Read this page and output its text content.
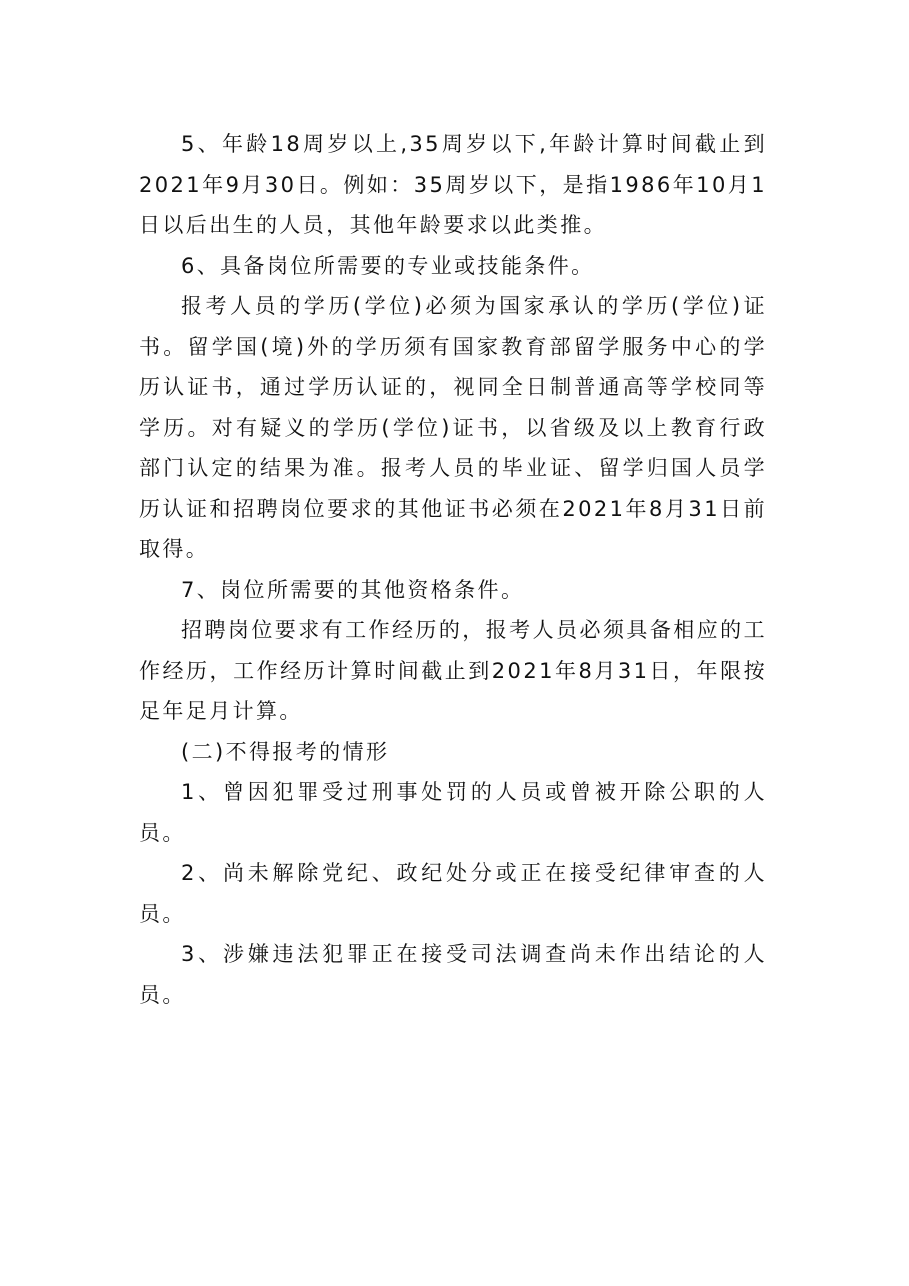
5、年龄18周岁以上,35周岁以下,年龄计算时间截止到2021年9月30日。例如：35周岁以下，是指1986年10月1日以后出生的人员，其他年龄要求以此类推。

6、具备岗位所需要的专业或技能条件。

报考人员的学历(学位)必须为国家承认的学历(学位)证书。留学国(境)外的学历须有国家教育部留学服务中心的学历认证书，通过学历认证的，视同全日制普通高等学校同等学历。对有疑义的学历(学位)证书，以省级及以上教育行政部门认定的结果为准。报考人员的毕业证、留学归国人员学历认证和招聘岗位要求的其他证书必须在2021年8月31日前取得。

7、岗位所需要的其他资格条件。

招聘岗位要求有工作经历的，报考人员必须具备相应的工作经历，工作经历计算时间截止到2021年8月31日，年限按足年足月计算。

(二)不得报考的情形

1、曾因犯罪受过刑事处罚的人员或曾被开除公职的人员。

2、尚未解除党纪、政纪处分或正在接受纪律审查的人员。

3、涉嫌违法犯罪正在接受司法调查尚未作出结论的人员。
